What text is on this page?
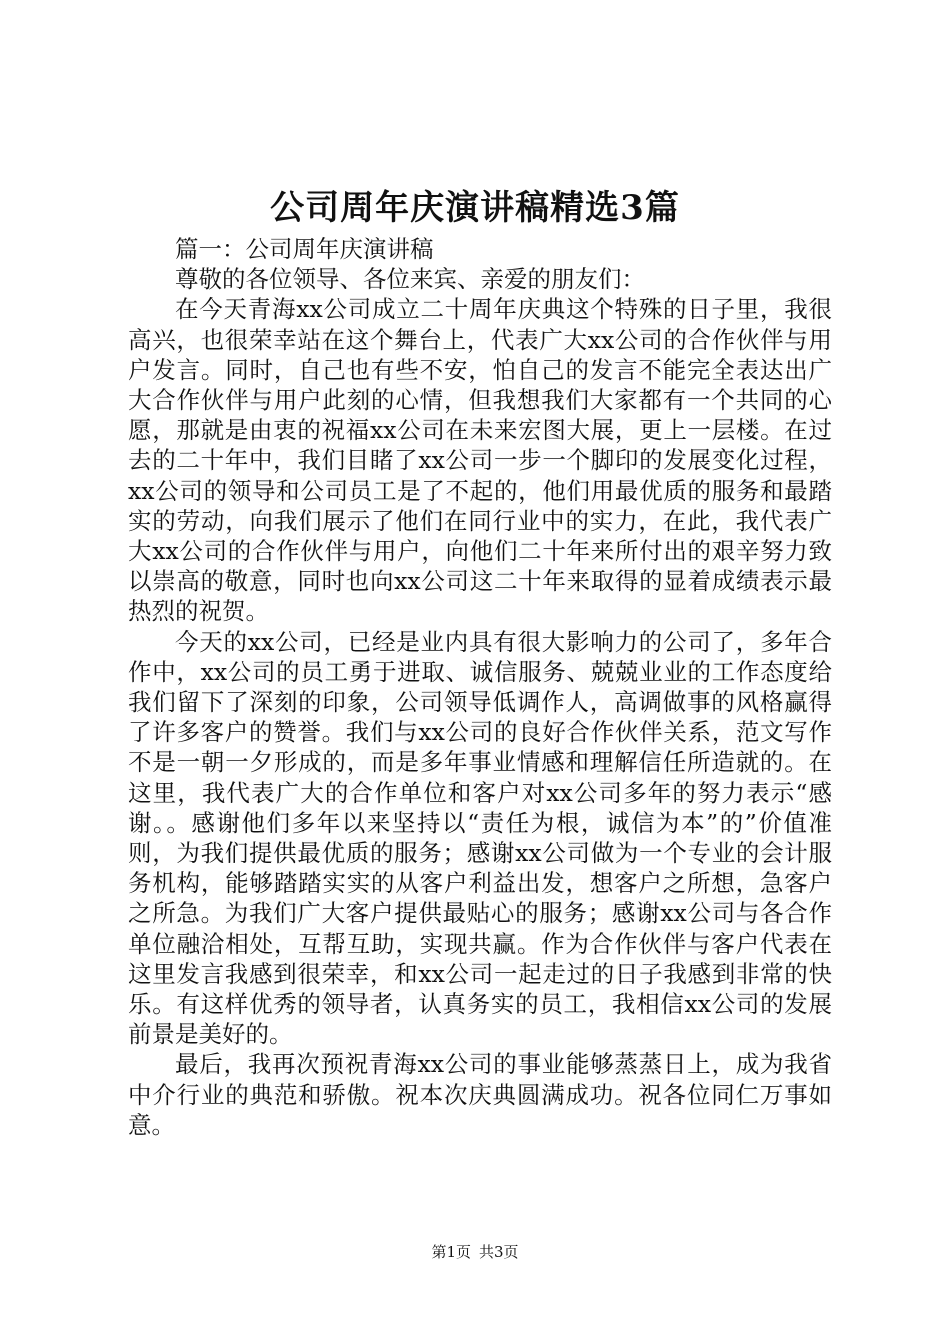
公司周年庆演讲稿精选3篇

篇一：公司周年庆演讲稿

尊敬的各位领导、各位来宾、亲爱的朋友们：

在今天青海xx公司成立二十周年庆典这个特殊的日子里，我很高兴，也很荣幸站在这个舞台上，代表广大xx公司的合作伙伴与用户发言。同时，自己也有些不安，怕自己的发言不能完全表达出广大合作伙伴与用户此刻的心情，但我想我们大家都有一个共同的心愿，那就是由衷的祝福xx公司在未来宏图大展，更上一层楼。在过去的二十年中，我们目睹了xx公司一步一个脚印的发展变化过程，xx公司的领导和公司员工是了不起的，他们用最优质的服务和最踏实的劳动，向我们展示了他们在同行业中的实力，在此，我代表广大xx公司的合作伙伴与用户，向他们二十年来所付出的艰辛努力致以崇高的敬意，同时也向xx公司这二十年来取得的显着成绩表示最热烈的祝贺。

今天的xx公司，已经是业内具有很大影响力的公司了，多年合作中，xx公司的员工勇于进取、诚信服务、兢兢业业的工作态度给我们留下了深刻的印象，公司领导低调作人，高调做事的风格赢得了许多客户的赞誉。我们与xx公司的良好合作伙伴关系，范文写作不是一朝一夕形成的，而是多年事业情感和理解信任所造就的。在这里，我代表广大的合作单位和客户对xx公司多年的努力表示“感谢。。感谢他们多年以来坚持以“责任为根，诚信为本”的”价值准则，为我们提供最优质的服务；感谢xx公司做为一个专业的会计服务机构，能够踏踏实实的从客户利益出发，想客户之所想，急客户之所急。为我们广大客户提供最贴心的服务；感谢xx公司与各合作单位融洽相处，互帮互助，实现共赢。作为合作伙伴与客户代表在这里发言我感到很荣幸，和xx公司一起走过的日子我感到非常的快乐。有这样优秀的领导者，认真务实的员工，我相信xx公司的发展前景是美好的。

最后，我再次预祝青海xx公司的事业能够蒸蒸日上，成为我省中介行业的典范和骄傲。祝本次庆典圆满成功。祝各位同仁万事如意。

第1页 共3页
